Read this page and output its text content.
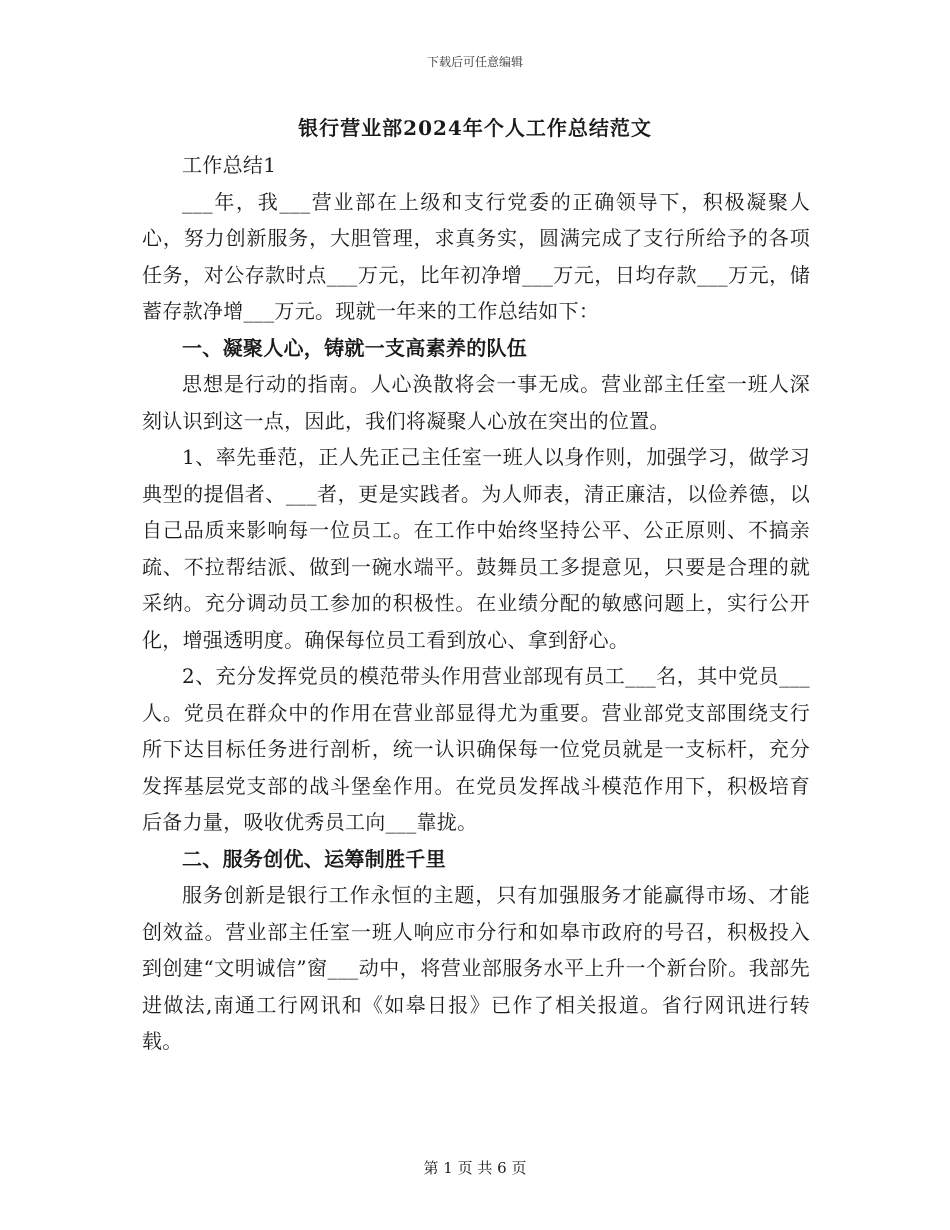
下载后可任意编辑
银行营业部2024年个人工作总结范文

工作总结1

___年，我___营业部在上级和支行党委的正确领导下，积极凝聚人心，努力创新服务，大胆管理，求真务实，圆满完成了支行所给予的各项任务，对公存款时点___万元，比年初净增___万元，日均存款___万元，储蓄存款净增___万元。现就一年来的工作总结如下：

一、凝聚人心，铸就一支高素养的队伍

思想是行动的指南。人心涣散将会一事无成。营业部主任室一班人深刻认识到这一点，因此，我们将凝聚人心放在突出的位置。

1、率先垂范，正人先正己主任室一班人以身作则，加强学习，做学习典型的提倡者、___者，更是实践者。为人师表，清正廉洁，以俭养德，以自己品质来影响每一位员工。在工作中始终坚持公平、公正原则、不搞亲疏、不拉帮结派、做到一碗水端平。鼓舞员工多提意见，只要是合理的就采纳。充分调动员工参加的积极性。在业绩分配的敏感问题上，实行公开化，增强透明度。确保每位员工看到放心、拿到舒心。

2、充分发挥党员的模范带头作用营业部现有员工___名，其中党员___人。党员在群众中的作用在营业部显得尤为重要。营业部党支部围绕支行所下达目标任务进行剖析，统一认识确保每一位党员就是一支标杆，充分发挥基层党支部的战斗堡垒作用。在党员发挥战斗模范作用下，积极培育后备力量，吸收优秀员工向___靠拢。

二、服务创优、运筹制胜千里

服务创新是银行工作永恒的主题，只有加强服务才能赢得市场、才能创效益。营业部主任室一班人响应市分行和如皋市政府的号召，积极投入到创建“文明诚信”窗___动中，将营业部服务水平上升一个新台阶。我部先进做法,南通工行网讯和《如皋日报》已作了相关报道。省行网讯进行转载。

第 1 页 共 6 页
